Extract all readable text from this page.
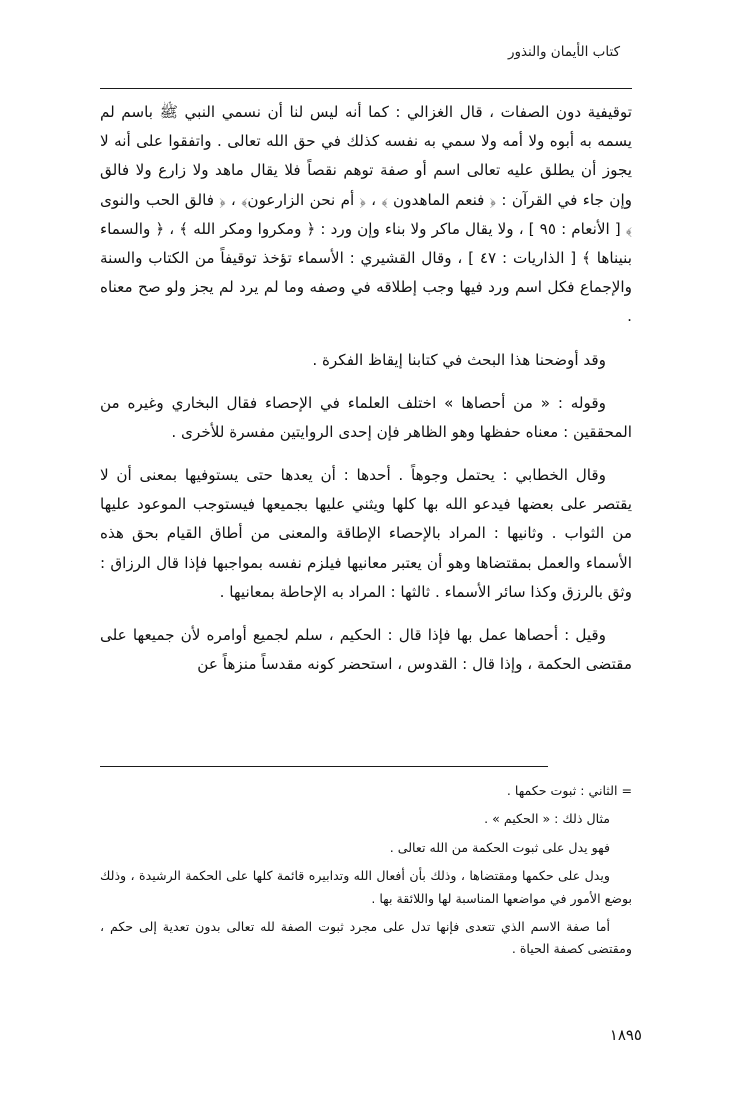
كتاب الأيمان والنذور

توقيفية دون الصفات ، قال الغزالي : كما أنه ليس لنا أن نسمي النبي ﷺ باسم لم يسمه به أبوه ولا أمه ولا سمي به نفسه كذلك في حق الله تعالى . واتفقوا على أنه لا يجوز أن يطلق عليه تعالى اسم أو صفة توهم نقصاً فلا يقال ماهد ولا زارع ولا فالق وإن جاء في القرآن : ﴿ فنعم الماهدون ﴾ ، ﴿ أم نحن الزارعون﴾ ، ﴿ فالق الحب والنوى ﴾ [ الأنعام : ٩٥ ] ، ولا يقال ماكر ولا بناء وإن ورد : ﴿ ومكروا ومكر الله ﴾ ، ﴿ والسماء بنيناها ﴾ [ الذاريات : ٤٧ ] ، وقال القشيري : الأسماء تؤخذ توقيفاً من الكتاب والسنة والإجماع فكل اسم ورد فيها وجب إطلاقه في وصفه وما لم يرد لم يجز ولو صح معناه .

وقد أوضحنا هذا البحث في كتابنا إيقاظ الفكرة .

وقوله : « من أحصاها » اختلف العلماء في الإحصاء فقال البخاري وغيره من المحققين : معناه حفظها وهو الظاهر فإن إحدى الروايتين مفسرة للأخرى .

وقال الخطابي : يحتمل وجوهاً . أحدها : أن يعدها حتى يستوفيها بمعنى أن لا يقتصر على بعضها فيدعو الله بها كلها ويثني عليها بجميعها فيستوجب الموعود عليها من الثواب . وثانيها : المراد بالإحصاء الإطاقة والمعنى من أطاق القيام بحق هذه الأسماء والعمل بمقتضاها وهو أن يعتبر معانيها فيلزم نفسه بمواجبها فإذا قال الرزاق : وثق بالرزق وكذا سائر الأسماء . ثالثها : المراد به الإحاطة بمعانيها .

وقيل : أحصاها عمل بها فإذا قال : الحكيم ، سلم لجميع أوامره لأن جميعها على مقتضى الحكمة ، وإذا قال : القدوس ، استحضر كونه مقدساً منزهاً عن

= الثاني : ثبوت حكمها .

مثال ذلك : « الحكيم » .

فهو يدل على ثبوت الحكمة من الله تعالى .

ويدل على حكمها ومقتضاها ، وذلك بأن أفعال الله وتدابيره قائمة كلها على الحكمة الرشيدة ، وذلك بوضع الأمور في مواضعها المناسبة لها واللائقة بها .

أما صفة الاسم الذي تتعدى فإنها تدل على مجرد ثبوت الصفة لله تعالى بدون تعدية إلى حكم ، ومقتضى كصفة الحياة .

١٨٩٥
